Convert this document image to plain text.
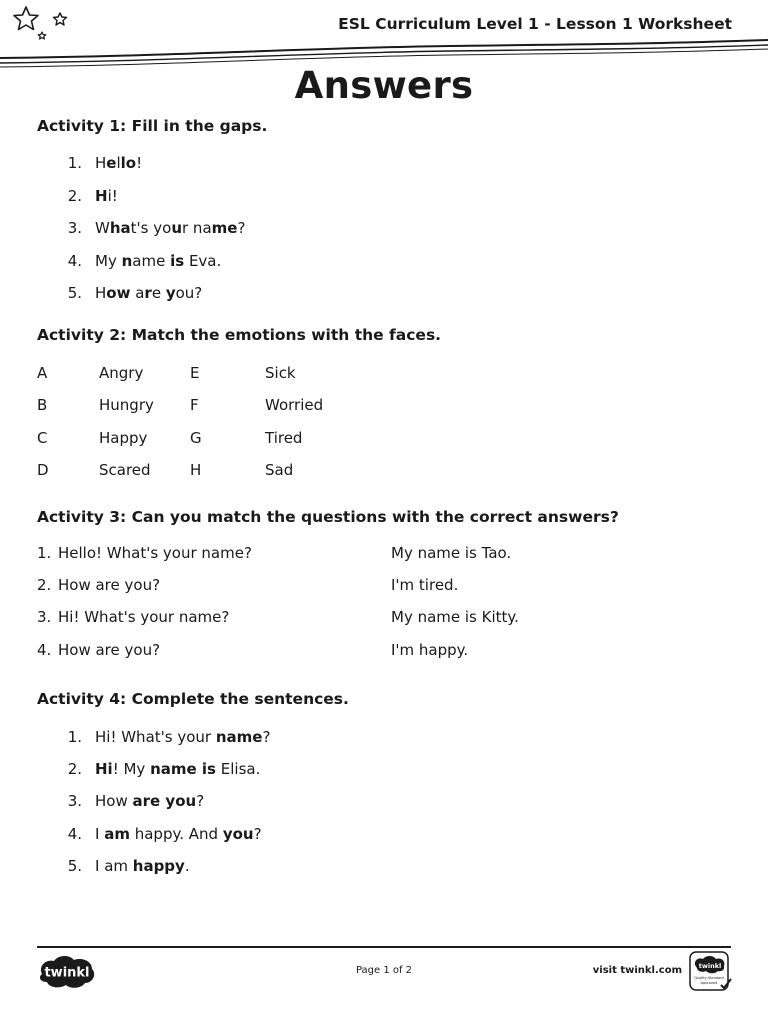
ESL Curriculum Level 1 - Lesson 1 Worksheet
Answers
Activity 1: Fill in the gaps.
1. Hello!
2. Hi!
3. What's your name?
4. My name is Eva.
5. How are you?
Activity 2: Match the emotions with the faces.
A	Angry	E	Sick
B	Hungry F	Worried
C	Happy	G	Tired
D	Scared	H	Sad
Activity 3: Can you match the questions with the correct answers?
1. Hello! What's your name?	My name is Tao.
2. How are you?	I'm tired.
3. Hi! What's your name?	My name is Kitty.
4. How are you?	I'm happy.
Activity 4: Complete the sentences.
1. Hi! What's your name?
2. Hi! My name is Elisa.
3. How are you?
4. I am happy. And you?
5. I am happy.
twinkl	Page 1 of 2	visit twinkl.com	twinkl
Quality Standard
Approved
